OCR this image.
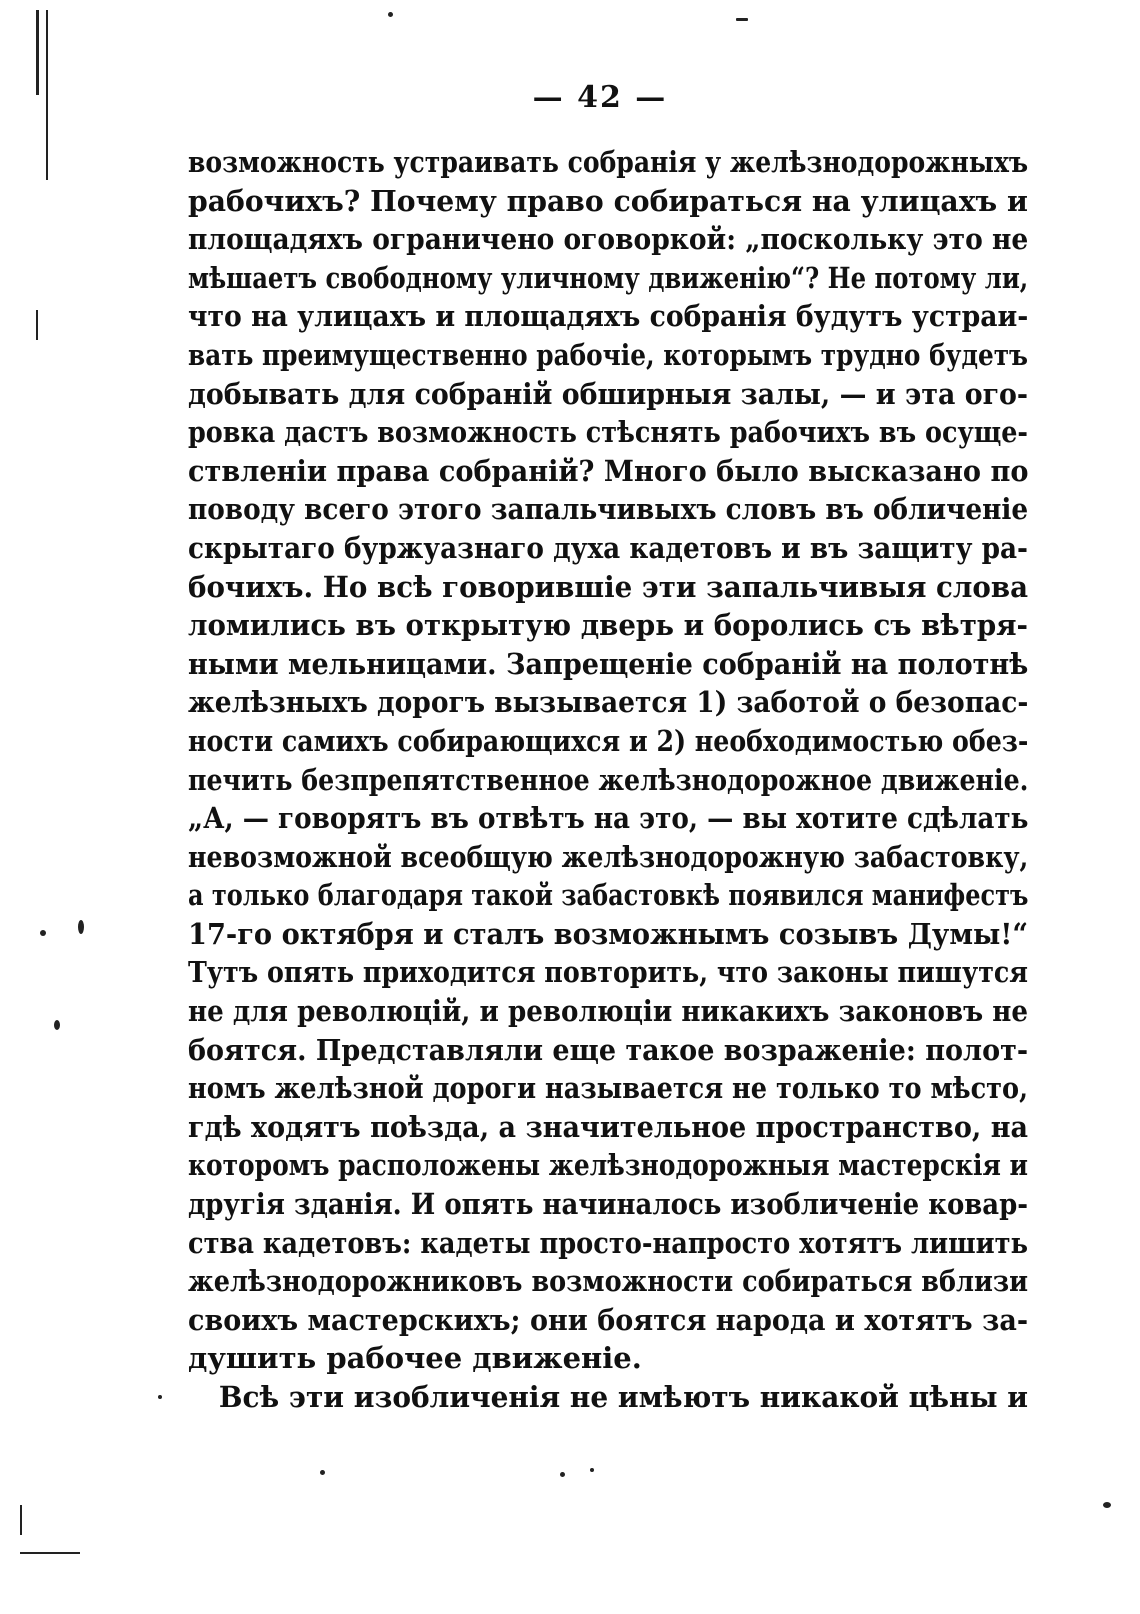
— 42 —
возможность устраивать собранія у желѣзнодорожныхъ
рабочихъ? Почему право собираться на улицахъ и
площадяхъ ограничено оговоркой: „поскольку это не
мѣшаетъ свободному уличному движенію“? Не потому ли,
что на улицахъ и площадяхъ собранія будутъ устраи-
вать преимущественно рабочіе, которымъ трудно будетъ
добывать для собраній обширныя залы, — и эта ого-
ровка дастъ возможность стѣснять рабочихъ въ осуще-
ствленіи права собраній? Много было высказано по
поводу всего этого запальчивыхъ словъ въ обличеніе
скрытаго буржуазнаго духа кадетовъ и въ защиту ра-
бочихъ. Но всѣ говорившіе эти запальчивыя слова
ломились въ открытую дверь и боролись съ вѣтря-
ными мельницами. Запрещеніе собраній на полотнѣ
желѣзныхъ дорогъ вызывается 1) заботой о безопас-
ности самихъ собирающихся и 2) необходимостью обез-
печить безпрепятственное желѣзнодорожное движеніе.
„А, — говорятъ въ отвѣтъ на это, — вы хотите сдѣлать
невозможной всеобщую желѣзнодорожную забастовку,
а только благодаря такой забастовкѣ появился манифестъ
17-го октября и сталъ возможнымъ созывъ Думы!“
Тутъ опять приходится повторить, что законы пишутся
не для революцій, и революціи никакихъ законовъ не
боятся. Представляли еще такое возраженіе: полот-
номъ желѣзной дороги называется не только то мѣсто,
гдѣ ходятъ поѣзда, а значительное пространство, на
которомъ расположены желѣзнодорожныя мастерскія и
другія зданія. И опять начиналось изобличеніе ковар-
ства кадетовъ: кадеты просто-напросто хотятъ лишить
желѣзнодорожниковъ возможности собираться вблизи
своихъ мастерскихъ; они боятся народа и хотятъ за-
душить рабочее движеніе.
Всѣ эти изобличенія не имѣютъ никакой цѣны и
